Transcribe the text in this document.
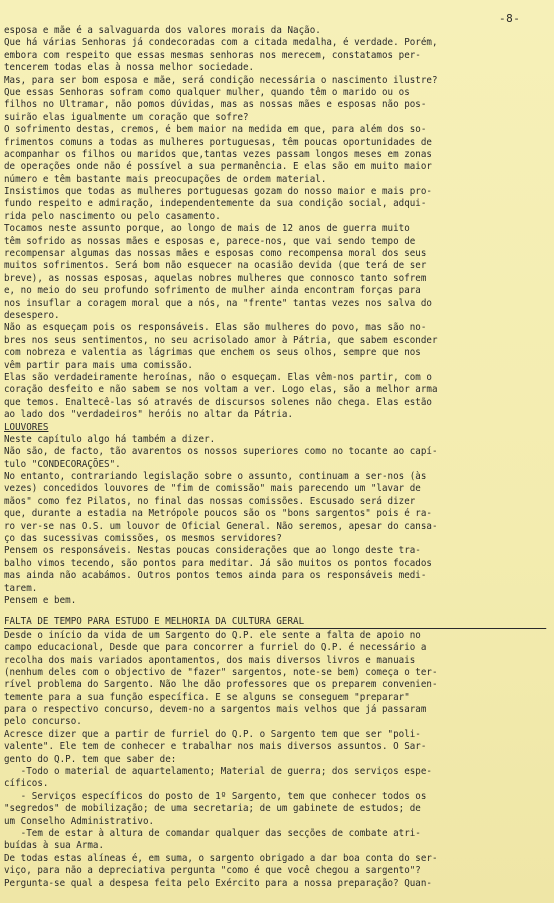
-8-
esposa e mãe é a salvaguarda dos valores morais da Nação.
Que há várias Senhoras já condecoradas com a citada medalha, é verdade. Porém,
embora com respeito que essas mesmas senhoras nos merecem, constatamos per-
tencerem todas elas à nossa melhor sociedade.
Mas, para ser bom esposa e mãe, será condição necessária o nascimento ilustre?
Que essas Senhoras sofram como qualquer mulher, quando têm o marido ou os
filhos no Ultramar, não pomos dúvidas, mas as nossas mães e esposas não pos-
suirão elas igualmente um coração que sofre?
O sofrimento destas, cremos, é bem maior na medida em que, para além dos so-
frimentos comuns a todas as mulheres portuguesas, têm poucas oportunidades de
acompanhar os filhos ou maridos que,tantas vezes passam longos meses em zonas
de operações onde não é possível a sua permanência. E elas são em muito maior
número e têm bastante mais preocupações de ordem material.
Insistimos que todas as mulheres portuguesas gozam do nosso maior e mais pro-
fundo respeito e admiração, independentemente da sua condição social, adqui-
rida pelo nascimento ou pelo casamento.
Tocamos neste assunto porque, ao longo de mais de 12 anos de guerra muito
têm sofrido as nossas mães e esposas e, parece-nos, que vai sendo tempo de
recompensar algumas das nossas mães e esposas como recompensa moral dos seus
muitos sofrimentos. Será bom não esquecer na ocasião devida (que terá de ser
breve), as nossas esposas, aquelas nobres mulheres que connosco tanto sofrem
e, no meio do seu profundo sofrimento de mulher ainda encontram forças para
nos insuflar a coragem moral que a nós, na "frente" tantas vezes nos salva do
desespero.
Não as esqueçam pois os responsáveis. Elas são mulheres do povo, mas são no-
bres nos seus sentimentos, no seu acrisolado amor à Pátria, que sabem esconder
com nobreza e valentia as lágrimas que enchem os seus olhos, sempre que nos
vêm partir para mais uma comissão.
Elas são verdadeiramente heroínas, não o esqueçam. Elas vêm-nos partir, com o
coração desfeito e não sabem se nos voltam a ver. Logo elas, são a melhor arma
que temos. Enaltecê-las só através de discursos solenes não chega. Elas estão
ao lado dos "verdadeiros" heróis no altar da Pátria.
LOUVORES
Neste capítulo algo há também a dizer.
Não são, de facto, tão avarentos os nossos superiores como no tocante ao capí-
tulo "CONDECORAÇÕES".
No entanto, contrariando legislação sobre o assunto, continuam a ser-nos (às
vezes) concedidos louvores de "fim de comissão" mais parecendo um "lavar de
mãos" como fez Pilatos, no final das nossas comissões. Escusado será dizer
que, durante a estadia na Metrópole poucos são os "bons sargentos" pois é ra-
ro ver-se nas O.S. um louvor de Oficial General. Não seremos, apesar do cansa-
ço das sucessivas comissões, os mesmos servidores?
Pensem os responsáveis. Nestas poucas considerações que ao longo deste tra-
balho vimos tecendo, são pontos para meditar. Já são muitos os pontos focados
mas ainda não acabámos. Outros pontos temos ainda para os responsáveis medi-
tarem.
Pensem e bem.
FALTA DE TEMPO PARA ESTUDO E MELHORIA DA CULTURA GERAL
Desde o início da vida de um Sargento do Q.P. ele sente a falta de apoio no
campo educacional, Desde que para concorrer a furriel do Q.P. é necessário a
recolha dos mais variados apontamentos, dos mais diversos livros e manuais
(nenhum deles com o objectivo de "fazer" sargentos, note-se bem) começa o ter-
rível problema do Sargento. Não lhe dão professores que os preparem convenien-
temente para a sua função específica. E se alguns se conseguem "preparar"
para o respectivo concurso, devem-no a sargentos mais velhos que já passaram
pelo concurso.
Acresce dizer que a partir de furriel do Q.P. o Sargento tem que ser "poli-
valente". Ele tem de conhecer e trabalhar nos mais diversos assuntos. O Sar-
gento do Q.P. tem que saber de:
-Todo o material de aquartelamento; Material de guerra; dos serviços espe-
cíficos.
- Serviços específicos do posto de 1º Sargento, tem que conhecer todos os
"segredos" de mobilização; de uma secretaria; de um gabinete de estudos; de
um Conselho Administrativo.
-Tem de estar à altura de comandar qualquer das secções de combate atri-
buídas à sua Arma.
De todas estas alíneas é, em suma, o sargento obrigado a dar boa conta do ser-
viço, para não a depreciativa pergunta "como é que você chegou a sargento"?
Pergunta-se qual a despesa feita pelo Exército para a nossa preparação? Quan-
